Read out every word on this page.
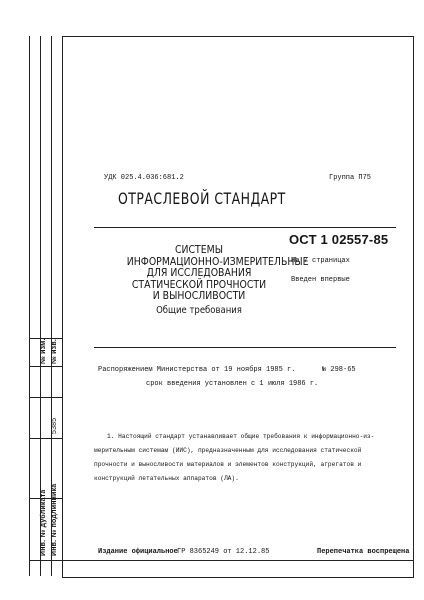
№ изм. № изв.
5385
Инв. № дубликата Инв. № подлинника
УДК 025.4.036:681.2	Группа П75
ОТРАСЛЕВОЙ СТАНДАРТ
СИСТЕМЫ
ИНФОРМАЦИОННО-ИЗМЕРИТЕЛЬНЫЕ
ДЛЯ ИССЛЕДОВАНИЯ
СТАТИЧЕСКОЙ ПРОЧНОСТИ
И ВЫНОСЛИВОСТИ
Общие требования
ОСТ 1 02557-85
На 7 страницах
Введен впервые
Распоряжением Министерства от 19 ноября 1985 г.	№ 298-65
срок введения установлен с 1 июля 1986 г.
1. Настоящий стандарт устанавливает общие требования к информационно-из-
мерительным системам (ИИС), предназначенным для исследования статической
прочности и выносливости материалов и элементов конструкций, агрегатов и
конструкций летательных аппаратов (ЛА).
Издание официальное ГР 8365249 от 12.12.85	Перепечатка воспрещена
